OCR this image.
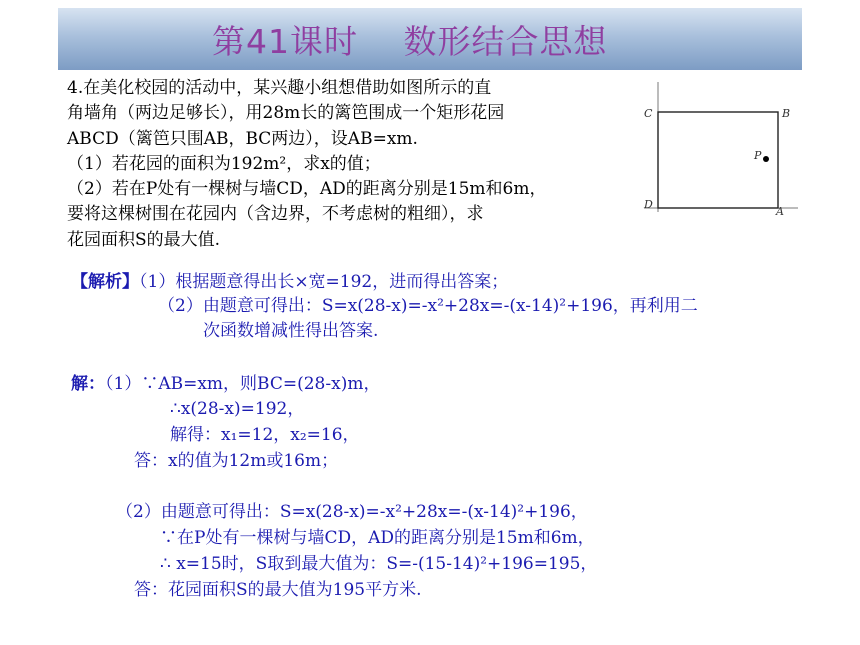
第41课时　 数形结合思想
4.在美化校园的活动中，某兴趣小组想借助如图所示的直
角墙角（两边足够长），用28m长的篱笆围成一个矩形花园
ABCD（篱笆只围AB，BC两边），设AB=xm.
（1）若花园的面积为192m²，求x的值；
（2）若在P处有一棵树与墙CD，AD的距离分别是15m和6m，
要将这棵树围在花园内（含边界，不考虑树的粗细），求
花园面积S的最大值.
C	B
D
A
P
【解析】（1）根据题意得出长×宽=192，进而得出答案；
（2）由题意可得出：S=x(28-x)=-x²+28x=-(x-14)²+196，再利用二
次函数增减性得出答案.
解：（1）∵AB=xm，则BC=(28-x)m，
∴x(28-x)=192，
解得：x₁=12，x₂=16，
答：x的值为12m或16m；
（2）由题意可得出：S=x(28-x)=-x²+28x=-(x-14)²+196，
∵在P处有一棵树与墙CD，AD的距离分别是15m和6m，
∴ x=15时，S取到最大值为：S=-(15-14)²+196=195，
答：花园面积S的最大值为195平方米.
